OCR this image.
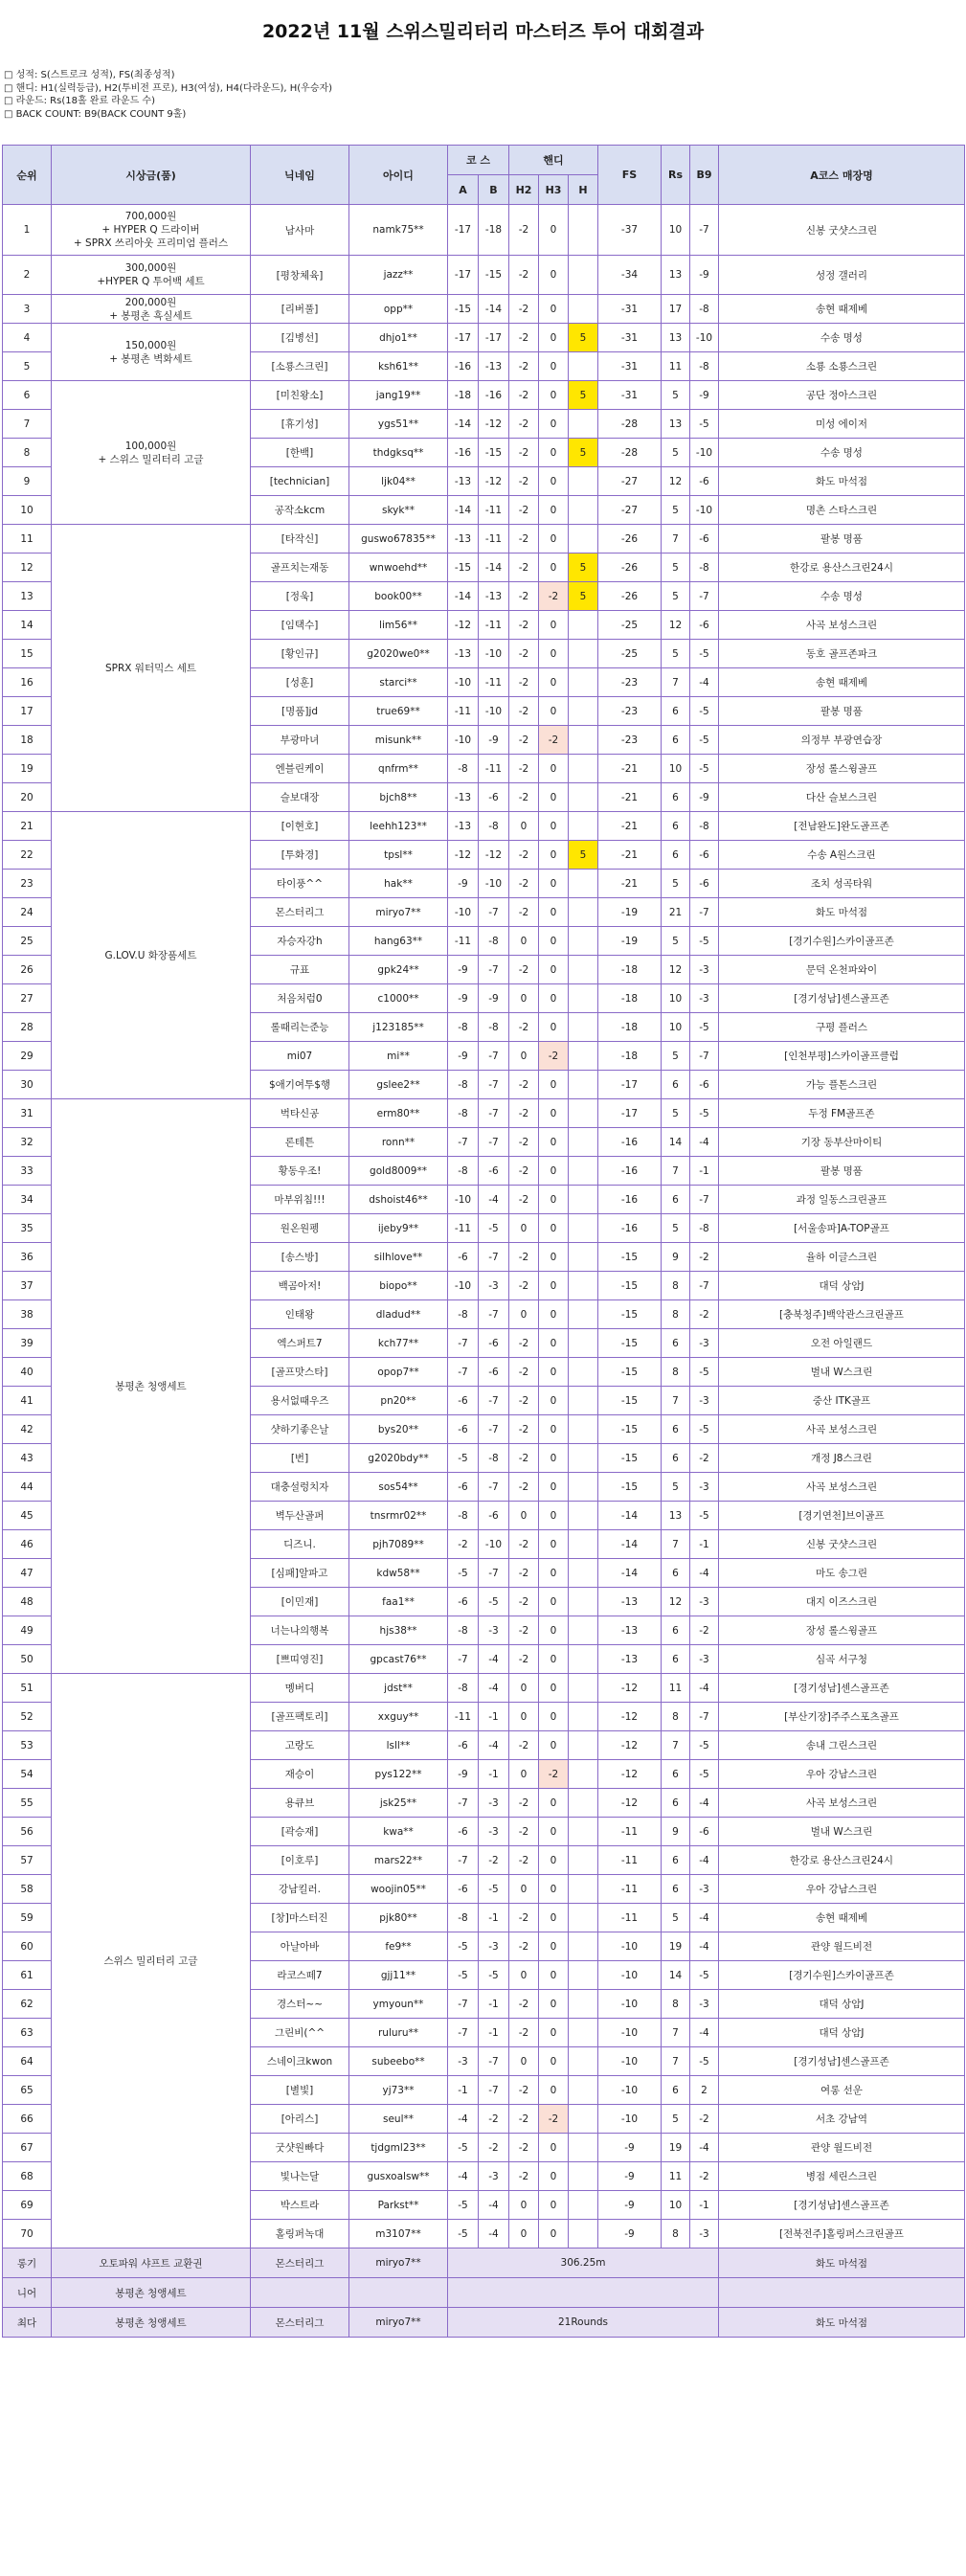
2022년 11월 스위스밀리터리 마스터즈 투어 대회결과
□ 성적: S(스트로크 성적), FS(최종성적)
□ 핸디: H1(실력등급), H2(투비전 프로), H3(여성), H4(다라운드), H(우승자)
□ 라운드: Rs(18홀 완료 라운드 수)
□ BACK COUNT: B9(BACK COUNT 9홀)
순위	시상금(품)	닉네임	아이디	코 스		핸디			FS	Rs	B9	A코스 매장명
				A	B	H2	H3	H				
1	700,000원
+ HYPER Q 드라이버
+ SPRX 쓰리아웃 프리미엄 플러스	남사마	namk75**	-17	-18	-2	0		-37	10	-7	신봉 굿샷스크린
2	300,000원
+HYPER Q 투어백 세트	[평창체육]	jazz**	-17	-15	-2	0		-34	13	-9	성정 갤러리
3	200,000원
+ 봉평촌 흑실세트	[리버풀]	opp**	-15	-14	-2	0		-31	17	-8	송현 때제베
4	150,000원
+ 봉평촌 벽화세트	[김병선]	dhjo1**	-17	-17	-2	0	5	-31	13	-10	수송 명성
5		[소룡스크린]	ksh61**	-16	-13	-2	0		-31	11	-8	소룡 소룡스크린
6	100,000원
+ 스위스 밀리터리 고글	[미친왕소]	jang19**	-18	-16	-2	0	5	-31	5	-9	공단 정아스크린
7		[휴기성]	ygs51**	-14	-12	-2	0		-28	13	-5	미성 에이저
8		[한백]	thdgksq**	-16	-15	-2	0	5	-28	5	-10	수송 명성
9		[technician]	ljk04**	-13	-12	-2	0		-27	12	-6	화도 마석점
10		공작소kcm	skyk**	-14	-11	-2	0		-27	5	-10	명촌 스타스크린
11	SPRX 워터믹스 세트	[타작신]	guswo67835**	-13	-11	-2	0		-26	7	-6	팔봉 명품
12		골프치는재동	wnwoehd**	-15	-14	-2	0	5	-26	5	-8	한강로 용산스크린24시
13		[정욱]	book00**	-14	-13	-2	-2	5	-26	5	-7	수송 명성
14		[임택수]	lim56**	-12	-11	-2	0		-25	12	-6	사곡 보성스크린
15		[황인규]	g2020we0**	-13	-10	-2	0		-25	5	-5	동호 골프존파크
16		[성훈]	starci**	-10	-11	-2	0		-23	7	-4	송현 때제베
17		[명품]jd	true69**	-11	-10	-2	0		-23	6	-5	팔봉 명품
18		부광마녀	misunk**	-10	-9	-2	-2		-23	6	-5	의정부 부광연습장
19		엔블린케이	qnfrm**	-8	-11	-2	0		-21	10	-5	장성 롤스윙골프
20		슬보대장	bjch8**	-13	-6	-2	0		-21	6	-9	다산 슬보스크린
21	G.LOV.U 화장품세트	[이현호]	leehh123**	-13	-8	0	0		-21	6	-8	[전남완도]완도골프존
22		[투화경]	tpsl**	-12	-12	-2	0	5	-21	6	-6	수송 A원스크린
23		타이풍^^	hak**	-9	-10	-2	0		-21	5	-6	조치 성곡타워
24		몬스터리그	miryo7**	-10	-7	-2	0		-19	21	-7	화도 마석점
25		자승자강h	hang63**	-11	-8	0	0		-19	5	-5	[경기수원]스카이골프존
26		규표	gpk24**	-9	-7	-2	0		-18	12	-3	문덕 온천파와이
27		처음처럼0	c1000**	-9	-9	0	0		-18	10	-3	[경기성남]센스골프존
28		롤때리는준능	j123185**	-8	-8	-2	0		-18	10	-5	구평 플러스
29		mi07	mi**	-9	-7	0	-2		-18	5	-7	[인천부평]스카이골프클럽
30		$애기여투$행	gslee2**	-8	-7	-2	0		-17	6	-6	가능 플톤스크린
31	봉평촌 청앵세트	벅타신공	erm80**	-8	-7	-2	0		-17	5	-5	두정 FM골프존
32		론테튼	ronn**	-7	-7	-2	0		-16	14	-4	기장 동부산마이티
33		황동우조!	gold8009**	-8	-6	-2	0		-16	7	-1	팔봉 명품
34		마부위침!!!	dshoist46**	-10	-4	-2	0		-16	6	-7	과정 일동스크린골프
35		원온원펭	ijeby9**	-11	-5	0	0		-16	5	-8	[서울송파]A-TOP골프
36		[송스방]	silhlove**	-6	-7	-2	0		-15	9	-2	율하 이글스크린
37		백곰아저!	biopo**	-10	-3	-2	0		-15	8	-7	대덕 상암J
38		인태왕	dladud**	-8	-7	0	0		-15	8	-2	[충북청주]백악관스크린골프
39		엑스퍼트7	kch77**	-7	-6	-2	0		-15	6	-3	오전 아일랜드
40		[골프맛스타]	opop7**	-7	-6	-2	0		-15	8	-5	벌내 W스크린
41		용서없때우즈	pn20**	-6	-7	-2	0		-15	7	-3	중산 ITK골프
42		샷하기좋은날	bys20**	-6	-7	-2	0		-15	6	-5	사곡 보성스크린
43		[번]	g2020bdy**	-5	-8	-2	0		-15	6	-2	개정 J8스크린
44		대충설렁치자	sos54**	-6	-7	-2	0		-15	5	-3	사곡 보성스크린
45		벽두산골퍼	tnsrmr02**	-8	-6	0	0		-14	13	-5	[경기연천]브이골프
46		디즈니.	pjh7089**	-2	-10	-2	0		-14	7	-1	신봉 굿샷스크린
47		[심패]알파고	kdw58**	-5	-7	-2	0		-14	6	-4	마도 송그린
48		[이민재]	faa1**	-6	-5	-2	0		-13	12	-3	대지 이즈스크린
49		너는나의행복	hjs38**	-8	-3	-2	0		-13	6	-2	장성 롤스윙골프
50		[쁘띠영진]	gpcast76**	-7	-4	-2	0		-13	6	-3	심곡 서구청
51	스위스 밀리터리 고글	멩버디	jdst**	-8	-4	0	0		-12	11	-4	[경기성남]센스골프존
52		[골프팩토리]	xxguy**	-11	-1	0	0		-12	8	-7	[부산기장]주주스포츠골프
53		고랑도	lsll**	-6	-4	-2	0		-12	7	-5	송내 그린스크린
54		재승이	pys122**	-9	-1	0	-2		-12	6	-5	우아 강남스크린
55		용큐브	jsk25**	-7	-3	-2	0		-12	6	-4	사곡 보성스크린
56		[곽승재]	kwa**	-6	-3	-2	0		-11	9	-6	벌내 W스크린
57		[이호루]	mars22**	-7	-2	-2	0		-11	6	-4	한강로 용산스크린24시
58		강남킬러.	woojin05**	-6	-5	0	0		-11	6	-3	우아 강남스크린
59		[창]마스터진	pjk80**	-8	-1	-2	0		-11	5	-4	송현 때제베
60		아날아바	fe9**	-5	-3	-2	0		-10	19	-4	관양 월드비전
61		라코스떼7	gjj11**	-5	-5	0	0		-10	14	-5	[경기수원]스카이골프존
62		경스터~~	ymyoun**	-7	-1	-2	0		-10	8	-3	대덕 상암J
63		그린비(^^	ruluru**	-7	-1	-2	0		-10	7	-4	대덕 상암J
64		스네이크kwon	subeebo**	-3	-7	0	0		-10	7	-5	[경기성남]센스골프존
65		[별빛]	yj73**	-1	-7	-2	0		-10	6	2	여롱 선운
66		[아리스]	seul**	-4	-2	-2	-2		-10	5	-2	서초 강남역
67		굿샷원빠다	tjdgml23**	-5	-2	-2	0		-9	19	-4	관양 월드비전
68		빛나는달	gusxoalsw**	-4	-3	-2	0		-9	11	-2	병점 세린스크린
69		박스트라	Parkst**	-5	-4	0	0		-9	10	-1	[경기성남]센스골프존
70		홀링퍼녹대	m3107**	-5	-4	0	0		-9	8	-3	[전북전주]홀링퍼스크린골프
롱기	오토파워 샤프트 교환권	몬스터리그	miryo7**	306.25m								화도 마석점
니어	봉평촌 청앵세트											
최다	봉평촌 청앵세트	몬스터리그	miryo7**	21Rounds								화도 마석점
